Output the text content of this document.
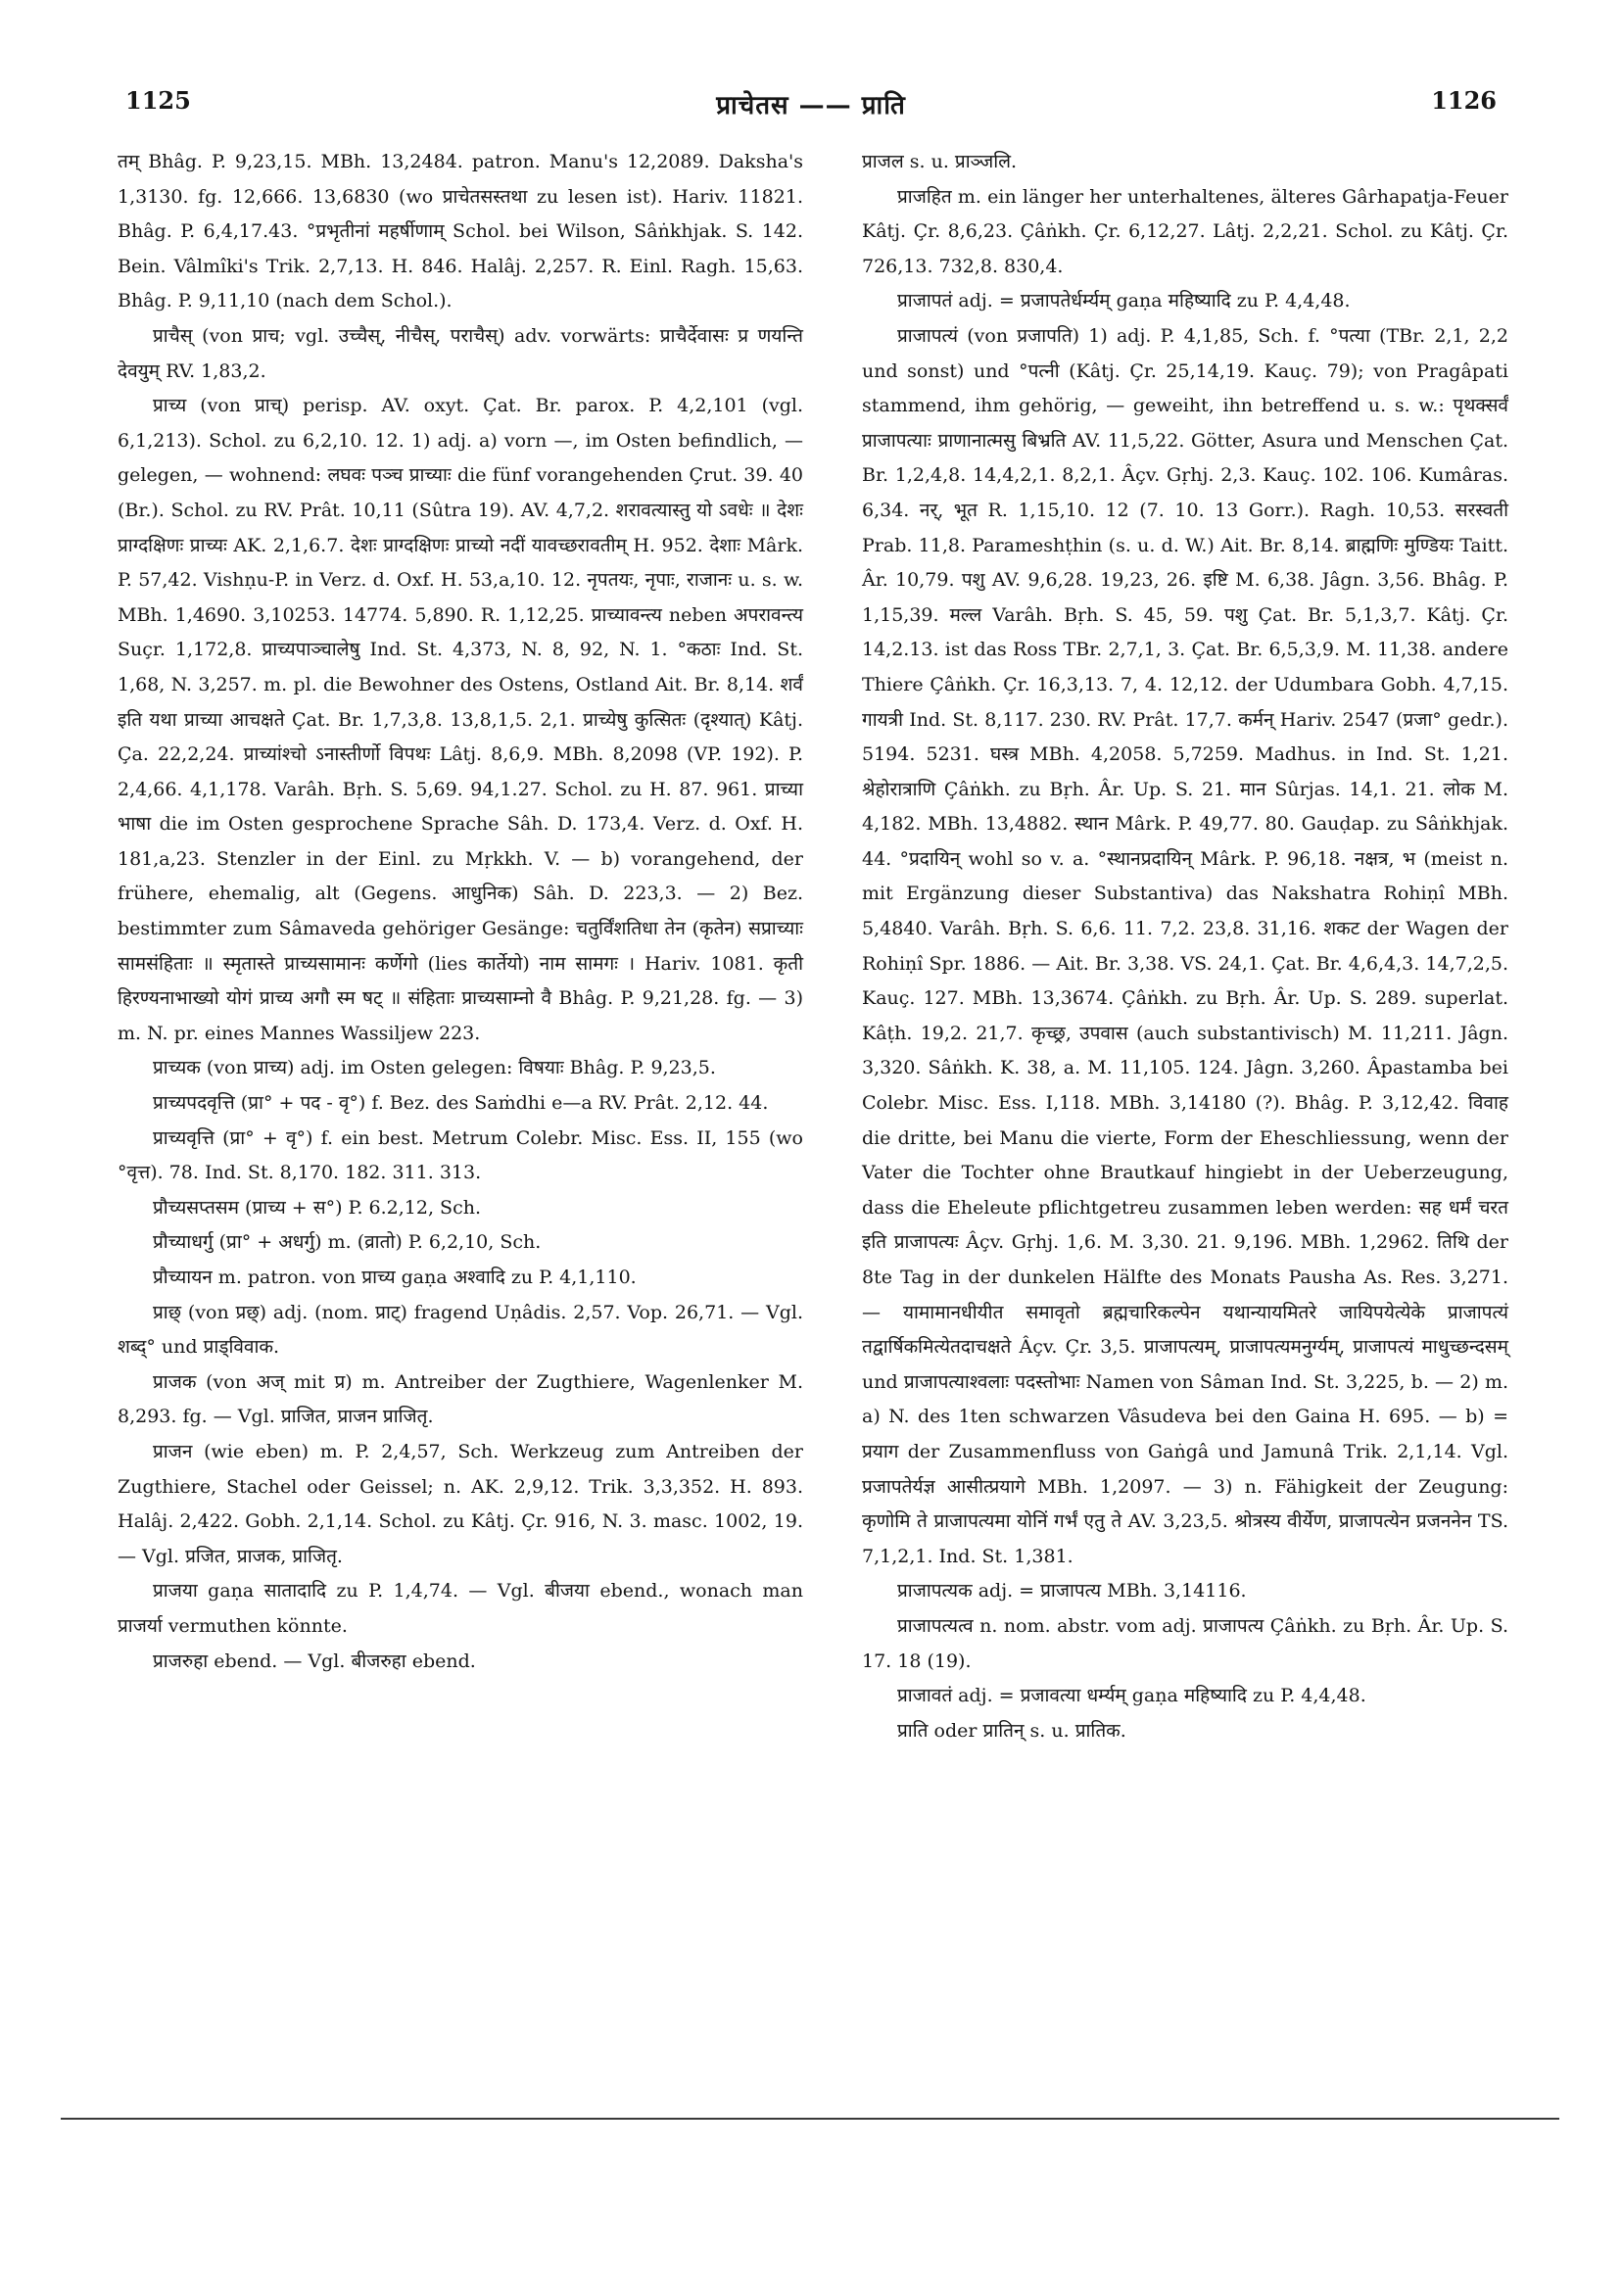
1125	प्राचेतस —— प्राति	1126

तम् Bhâg. P. 9,23,15. MBh. 13,2484. patron. Manu's 12,2089. Daksha's 1,3130. fg. 12,666. 13,6830 (wo प्राचेतसस्तथा zu lesen ist). Hariv. 11821. Bhâg. P. 6,4,17.43. °प्रभृतीनां महर्षीणाम् Schol. bei Wilson, Sâṅkhjak. S. 142. Bein. Vâlmîki's Trik. 2,7,13. H. 846. Halâj. 2,257. R. Einl. Ragh. 15,63. Bhâg. P. 9,11,10 (nach dem Schol.).

प्राचैस् (von प्राच; vgl. उच्चैस्, नीचैस्, पराचैस्) adv. vorwärts: प्राचैर्देवासः प्र णयन्ति देवयुम् RV. 1,83,2.

प्राच्य (von प्राच्) perisp. AV. oxyt. Çat. Br. parox. P. 4,2,101 (vgl. 6,1,213). Schol. zu 6,2,10. 12. 1) adj. a) vorn —, im Osten befindlich, — gelegen, — wohnend: लघवः पञ्च प्राच्याः die fünf vorangehenden Çrut. 39. 40 (Br.). Schol. zu RV. Prât. 10,11 (Sûtra 19). AV. 4,7,2. शरावत्यास्तु यो ऽवधेः ॥ देशः प्राग्दक्षिणः प्राच्यः AK. 2,1,6.7. देशः प्राग्दक्षिणः प्राच्यो नदीं यावच्छरावतीम् H. 952. देशाः Mârk. P. 57,42. Vishṇu-P. in Verz. d. Oxf. H. 53,a,10. 12. नृपतयः, नृपाः, राजानः u. s. w. MBh. 1,4690. 3,10253. 14774. 5,890. R. 1,12,25. प्राच्यावन्त्य neben अपरावन्त्य Suçr. 1,172,8. प्राच्यपाञ्चालेषु Ind. St. 4,373, N. 8, 92, N. 1. °कठाः Ind. St. 1,68, N. 3,257. m. pl. die Bewohner des Ostens, Ostland Ait. Br. 8,14. शर्वं इति यथा प्राच्या आचक्षते Çat. Br. 1,7,3,8. 13,8,1,5. 2,1. प्राच्येषु कुत्सितः (दृश्यात्) Kâtj. Ça. 22,2,24. प्राच्यांश्चो ऽनास्तीर्णो विपथः Lâtj. 8,6,9. MBh. 8,2098 (VP. 192). P. 2,4,66. 4,1,178. Varâh. Bṛh. S. 5,69. 94,1.27. Schol. zu H. 87. 961. प्राच्या भाषा die im Osten gesprochene Sprache Sâh. D. 173,4. Verz. d. Oxf. H. 181,a,23. Stenzler in der Einl. zu Mṛkkh. V. — b) vorangehend, der frühere, ehemalig, alt (Gegens. आधुनिक) Sâh. D. 223,3. — 2) Bez. bestimmter zum Sâmaveda gehöriger Gesänge: चतुर्विंशतिधा तेन (कृतेन) सप्राच्याः सामसंहिताः ॥ स्मृतास्ते प्राच्यसामानः कर्णेगो (lies कार्तेयो) नाम सामगः । Hariv. 1081. कृती हिरण्यनाभाख्यो योगं प्राच्य अगौ स्म षट् ॥ संहिताः प्राच्यसाम्नो वै Bhâg. P. 9,21,28. fg. — 3) m. N. pr. eines Mannes Wassiljew 223.

प्राच्यक (von प्राच्य) adj. im Osten gelegen: विषयाः Bhâg. P. 9,23,5.

प्राच्यपदवृत्ति (प्रा° + पद - वृ°) f. Bez. des Saṁdhi e—a RV. Prât. 2,12. 44.

प्राच्यवृत्ति (प्रा° + वृ°) f. ein best. Metrum Colebr. Misc. Ess. II, 155 (wo °वृत्त). 78. Ind. St. 8,170. 182. 311. 313.

प्रौच्यसप्तसम (प्राच्य + स°) P. 6.2,12, Sch.

प्रौच्याधर्गु (प्रा° + अधर्गु) m. (व्रातो) P. 6,2,10, Sch.

प्रौच्यायन m. patron. von प्राच्य gaṇa अश्वादि zu P. 4,1,110.

प्राछ् (von प्रछ्) adj. (nom. प्राट्) fragend Uṇâdis. 2,57. Vop. 26,71. — Vgl. शब्द्° und प्राड्विवाक.

प्राजक (von अज् mit प्र) m. Antreiber der Zugthiere, Wagenlenker M. 8,293. fg. — Vgl. प्राजित, प्राजन प्राजितृ.

प्राजन (wie eben) m. P. 2,4,57, Sch. Werkzeug zum Antreiben der Zugthiere, Stachel oder Geissel; n. AK. 2,9,12. Trik. 3,3,352. H. 893. Halâj. 2,422. Gobh. 2,1,14. Schol. zu Kâtj. Çr. 916, N. 3. masc. 1002, 19. — Vgl. प्रजित, प्राजक, प्राजितृ.

प्राजया gaṇa सातादादि zu P. 1,4,74. — Vgl. बीजया ebend., wonach man प्राजर्या vermuthen könnte.

प्राजरुहा ebend. — Vgl. बीजरुहा ebend.

प्राजल s. u. प्राञ्जलि.

प्राजहित m. ein länger her unterhaltenes, älteres Gârhapatja-Feuer Kâtj. Çr. 8,6,23. Çâṅkh. Çr. 6,12,27. Lâtj. 2,2,21. Schol. zu Kâtj. Çr. 726,13. 732,8. 830,4.

प्राजापतं adj. = प्रजापतेर्धर्म्यम् gaṇa महिष्यादि zu P. 4,4,48.

प्राजापत्यं (von प्रजापति) 1) adj. P. 4,1,85, Sch. f. °पत्या (TBr. 2,1, 2,2 und sonst) und °पत्नी (Kâtj. Çr. 25,14,19. Kauç. 79); von Pragâpati stammend, ihm gehörig, — geweiht, ihn betreffend u. s. w.: पृथक्सर्वं प्राजापत्याः प्राणानात्मसु बिभ्रति AV. 11,5,22. Götter, Asura und Menschen Çat. Br. 1,2,4,8. 14,4,2,1. 8,2,1. Âçv. Gṛhj. 2,3. Kauç. 102. 106. Kumâras. 6,34. नर्, भूत R. 1,15,10. 12 (7. 10. 13 Gorr.). Ragh. 10,53. सरस्वती Prab. 11,8. Parameshṭhin (s. u. d. W.) Ait. Br. 8,14. ब्राह्मणिः मुण्डियः Taitt. Âr. 10,79. पशु AV. 9,6,28. 19,23, 26. इष्टि M. 6,38. Jâgn. 3,56. Bhâg. P. 1,15,39. मल्ल Varâh. Bṛh. S. 45, 59. पशु Çat. Br. 5,1,3,7. Kâtj. Çr. 14,2.13. ist das Ross TBr. 2,7,1, 3. Çat. Br. 6,5,3,9. M. 11,38. andere Thiere Çâṅkh. Çr. 16,3,13. 7, 4. 12,12. der Udumbara Gobh. 4,7,15. गायत्री Ind. St. 8,117. 230. RV. Prât. 17,7. कर्मन् Hariv. 2547 (प्रजा° gedr.). 5194. 5231. घस्त्र MBh. 4,2058. 5,7259. Madhus. in Ind. St. 1,21. श्रेहोरात्राणि Çâṅkh. zu Bṛh. Âr. Up. S. 21. मान Sûrjas. 14,1. 21. लोक M. 4,182. MBh. 13,4882. स्थान Mârk. P. 49,77. 80. Gauḍap. zu Sâṅkhjak. 44. °प्रदायिन् wohl so v. a. °स्थानप्रदायिन् Mârk. P. 96,18. नक्षत्र, भ (meist n. mit Ergänzung dieser Substantiva) das Nakshatra Rohiṇî MBh. 5,4840. Varâh. Bṛh. S. 6,6. 11. 7,2. 23,8. 31,16. शकट der Wagen der Rohiṇî Spr. 1886. — Ait. Br. 3,38. VS. 24,1. Çat. Br. 4,6,4,3. 14,7,2,5. Kauç. 127. MBh. 13,3674. Çâṅkh. zu Bṛh. Âr. Up. S. 289. superlat. Kâṭh. 19,2. 21,7. कृच्छ्र, उपवास (auch substantivisch) M. 11,211. Jâgn. 3,320. Sâṅkh. K. 38, a. M. 11,105. 124. Jâgn. 3,260. Âpastamba bei Colebr. Misc. Ess. I,118. MBh. 3,14180 (?). Bhâg. P. 3,12,42. विवाह die dritte, bei Manu die vierte, Form der Eheschliessung, wenn der Vater die Tochter ohne Brautkauf hingiebt in der Ueberzeugung, dass die Eheleute pflichtgetreu zusammen leben werden: सह धर्मं चरत इति प्राजापत्यः Âçv. Gṛhj. 1,6. M. 3,30. 21. 9,196. MBh. 1,2962. तिथि der 8te Tag in der dunkelen Hälfte des Monats Pausha As. Res. 3,271. — यामामानधीयीत समावृतो ब्रह्मचारिकल्पेन यथान्यायमितरे जायिपयेत्येके प्राजापत्यं तद्वार्षिकमित्येतदाचक्षते Âçv. Çr. 3,5. प्राजापत्यम्, प्राजापत्यमनुर्ग्यम्, प्राजापत्यं माधुच्छन्दसम् und प्राजापत्याश्वलाः पदस्तोभाः Namen von Sâman Ind. St. 3,225, b. — 2) m. a) N. des 1ten schwarzen Vâsudeva bei den Gaina H. 695. — b) = प्रयाग der Zusammenfluss von Gaṅgâ und Jamunâ Trik. 2,1,14. Vgl. प्रजापतेर्यज्ञ आसीत्प्रयागे MBh. 1,2097. — 3) n. Fähigkeit der Zeugung: कृणोमि ते प्राजापत्यमा योनिं गर्भं एतु ते AV. 3,23,5. श्रोत्रस्य वीर्येण, प्राजापत्येन प्रजननेन TS. 7,1,2,1. Ind. St. 1,381.

प्राजापत्यक adj. = प्राजापत्य MBh. 3,14116.

प्राजापत्यत्व n. nom. abstr. vom adj. प्राजापत्य Çâṅkh. zu Bṛh. Âr. Up. S. 17. 18 (19).

प्राजावतं adj. = प्रजावत्या धर्म्यम् gaṇa महिष्यादि zu P. 4,4,48.

प्राति oder प्रातिन् s. u. प्रातिक.
